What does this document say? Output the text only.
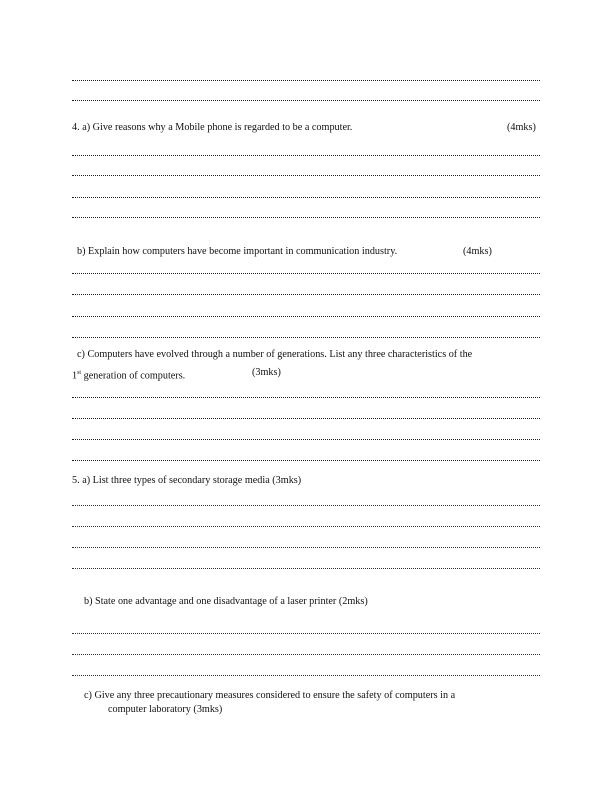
4. a) Give reasons why a Mobile phone is regarded to be a computer.	(4mks)
b) Explain how computers have become important in communication industry.	(4mks)
c) Computers have evolved through a number of generations. List any three characteristics of the
1st generation of computers.	(3mks)
5. a) List three types of secondary storage media (3mks)
b) State one advantage and one disadvantage of a laser printer (2mks)
c) Give any three precautionary measures considered to ensure the safety of computers in a
computer laboratory (3mks)
